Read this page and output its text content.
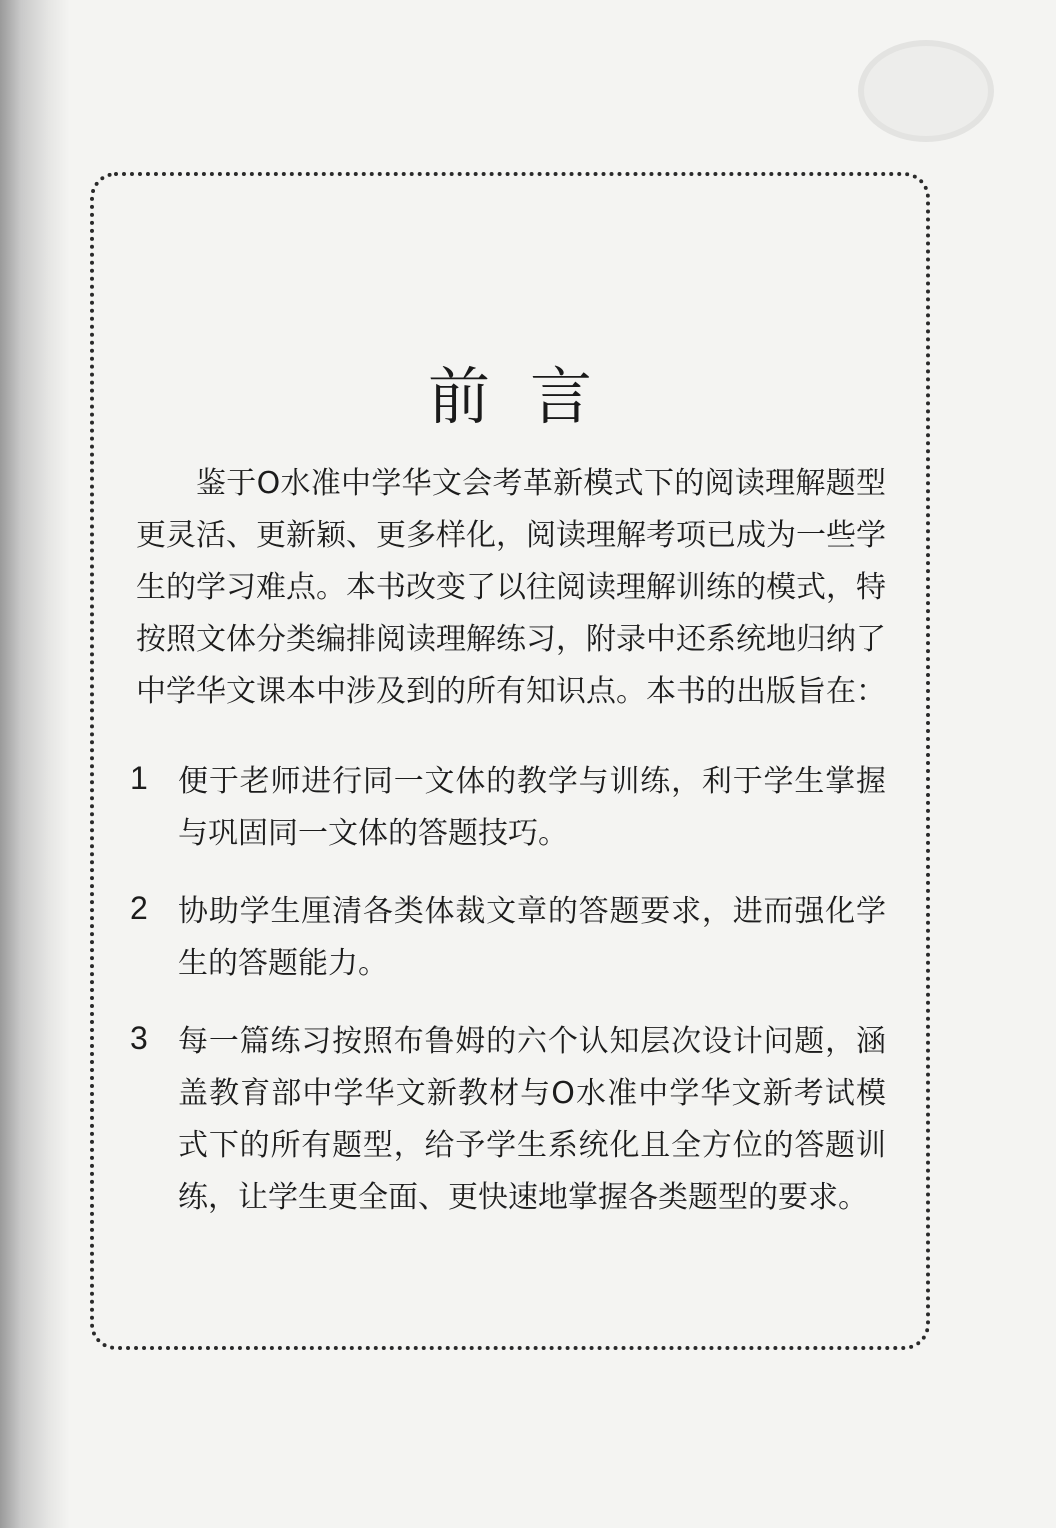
前言

鉴于O水准中学华文会考革新模式下的阅读理解题型更灵活、更新颖、更多样化，阅读理解考项已成为一些学生的学习难点。本书改变了以往阅读理解训练的模式，特按照文体分类编排阅读理解练习，附录中还系统地归纳了中学华文课本中涉及到的所有知识点。本书的出版旨在：

1	便于老师进行同一文体的教学与训练，利于学生掌握与巩固同一文体的答题技巧。
2	协助学生厘清各类体裁文章的答题要求，进而强化学生的答题能力。
3	每一篇练习按照布鲁姆的六个认知层次设计问题，涵盖教育部中学华文新教材与O水准中学华文新考试模式下的所有题型，给予学生系统化且全方位的答题训练，让学生更全面、更快速地掌握各类题型的要求。
